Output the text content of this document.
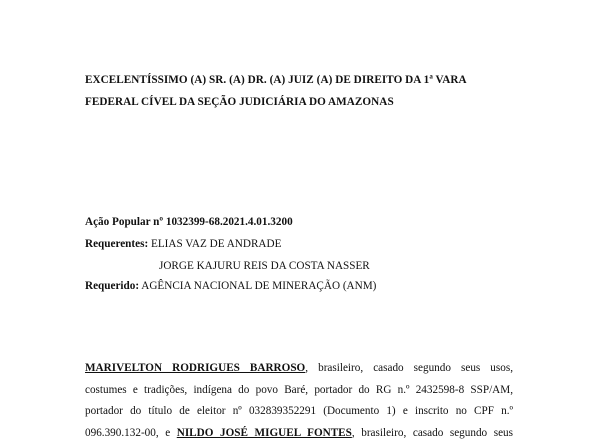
EXCELENTÍSSIMO (A) SR. (A) DR. (A) JUIZ (A) DE DIREITO DA 1$^a$ VARA
FEDERAL CÍVEL DA SEÇÃO JUDICIÁRIA DO AMAZONAS
Ação Popular nº 1032399-68.2021.4.01.3200
Requerentes: ELIAS VAZ DE ANDRADE
JORGE KAJURU REIS DA COSTA NASSER
Requerido: AGÊNCIA NACIONAL DE MINERAÇÃO (ANM)
MARIVELTON RODRIGUES BARROSO, brasileiro, casado segundo seus usos,
costumes e tradições, indígena do povo Baré, portador do RG n.º 2432598-8 SSP/AM,
portador do título de eleitor nº 032839352291 (Documento 1) e inscrito no CPF n.º
096.390.132-00, e NILDO JOSÉ MIGUEL FONTES, brasileiro, casado segundo seus
